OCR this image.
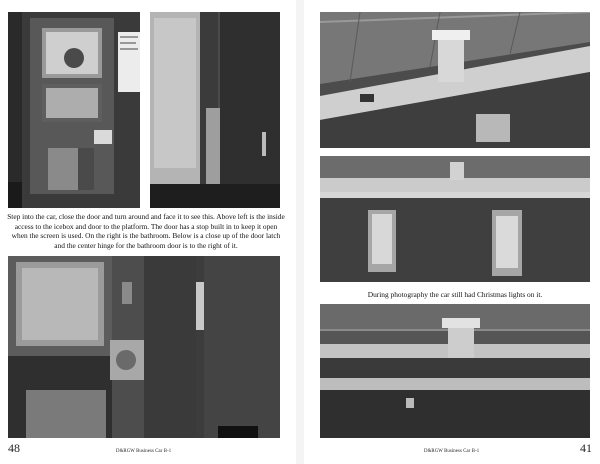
Step into the car, close the door and turn around and face it to see this. Above left is the inside access to the icebox and door to the platform. The door has a stop built in to keep it open when the screen is used. On the right is the bathroom. Below is a close up of the door latch and the center hinge for the bathroom door is to the right of it.

48	D&RGW Business Car B-1

During photography the car still had Christmas lights on it.

D&RGW Business Car B-1	41
